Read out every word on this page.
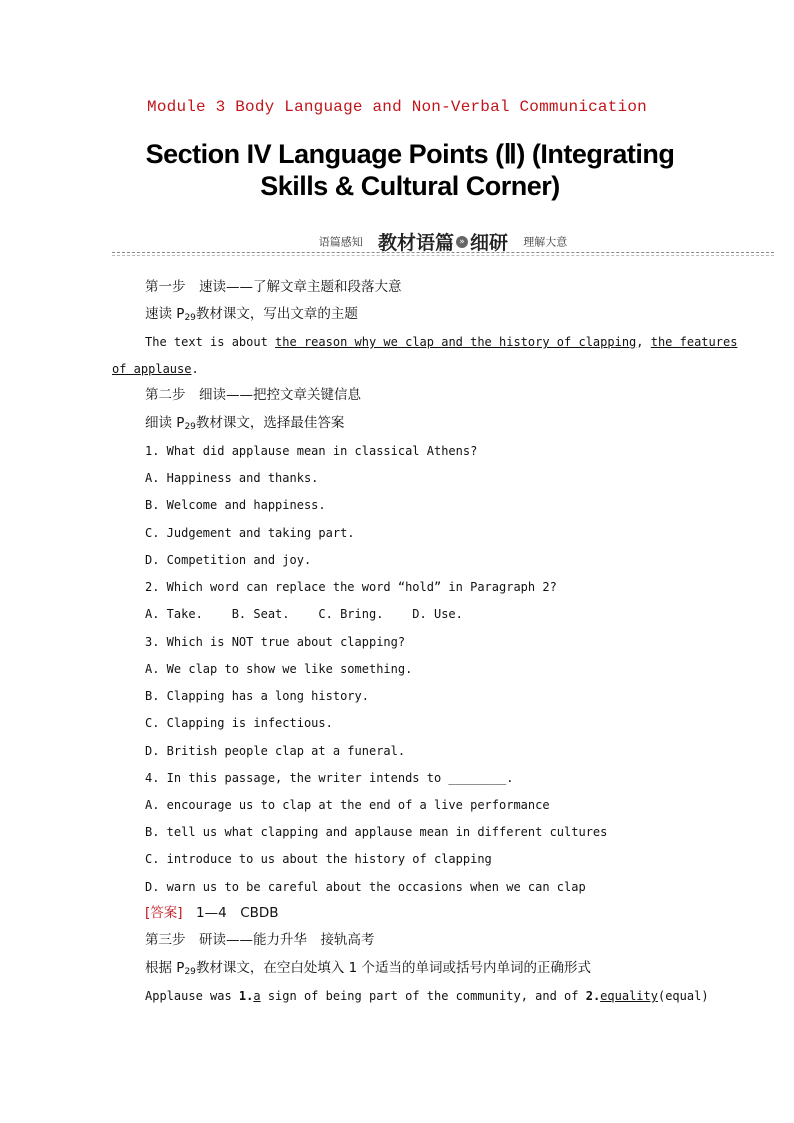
Module 3 Body Language and Non-Verbal Communication
Section IV Language Points (Ⅱ) (Integrating
Skills & Cultural Corner)
语篇感知 教材语篇 » 细研 理解大意
第一步　速读——了解文章主题和段落大意
速读 $P_{29}$教材课文，写出文章的主题
The text is about the reason why we clap and the history of clapping, the features
of applause.
第二步　细读——把控文章关键信息
细读 $P_{29}$教材课文，选择最佳答案
1. What did applause mean in classical Athens?
A. Happiness and thanks.
B. Welcome and happiness.
C. Judgement and taking part.
D. Competition and joy.
2. Which word can replace the word “hold” in Paragraph 2?
A. Take.    B. Seat.    C. Bring.    D. Use.
3. Which is NOT true about clapping?
A. We clap to show we like something.
B. Clapping has a long history.
C. Clapping is infectious.
D. British people clap at a funeral.
4. In this passage, the writer intends to ________.
A. encourage us to clap at the end of a live performance
B. tell us what clapping and applause mean in different cultures
C. introduce to us about the history of clapping
D. warn us to be careful about the occasions when we can clap
[答案]　1—4　CBDB
第三步　研读——能力升华　接轨高考
根据 $P_{29}$教材课文，在空白处填入 1 个适当的单词或括号内单词的正确形式
Applause was 1.a sign of being part of the community, and of 2.equality(equal)
